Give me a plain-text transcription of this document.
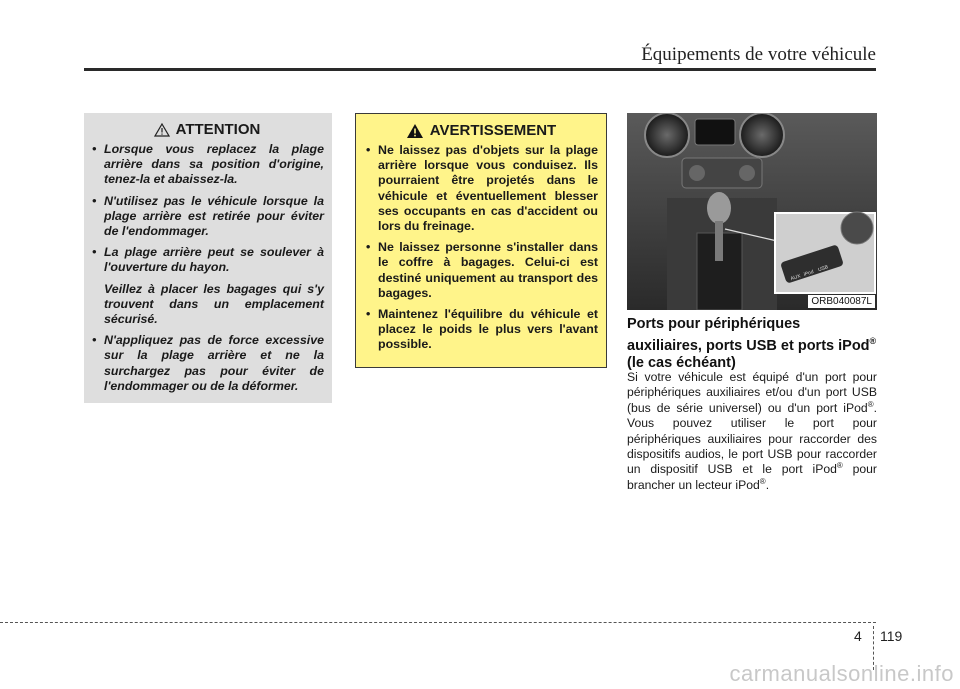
Équipements de votre véhicule
ATTENTION
• Lorsque vous replacez la plage arrière dans sa position d'origine, tenez-la et abaissez-la.
• N'utilisez pas le véhicule lorsque la plage arrière est retirée pour éviter de l'endommager.
• La plage arrière peut se soulever à l'ouverture du hayon.
Veillez à placer les bagages qui s'y trouvent dans un emplacement sécurisé.
• N'appliquez pas de force excessive sur la plage arrière et ne la surchargez pas pour éviter de l'endommager ou de la déformer.
AVERTISSEMENT
• Ne laissez pas d'objets sur la plage arrière lorsque vous conduisez. Ils pourraient être projetés dans le véhicule et éventuellement blesser ses occupants en cas d'accident ou lors du freinage.
• Ne laissez personne s'installer dans le coffre à bagages. Celui-ci est destiné uniquement au transport des bagages.
• Maintenez l'équilibre du véhicule et placez le poids le plus vers l'avant possible.
AUX iPod
USB
ORB040087L
Ports pour périphériques auxiliaires, ports USB et ports iPod® (le cas échéant)
Si votre véhicule est équipé d'un port pour périphériques auxiliaires et/ou d'un port USB (bus de série universel) ou d'un port iPod®. Vous pouvez utiliser le port pour périphériques auxiliaires pour raccorder des dispositifs audios, le port USB pour raccorder un dispositif USB et le port iPod® pour brancher un lecteur iPod®.
4 119
carmanualsonline.info
